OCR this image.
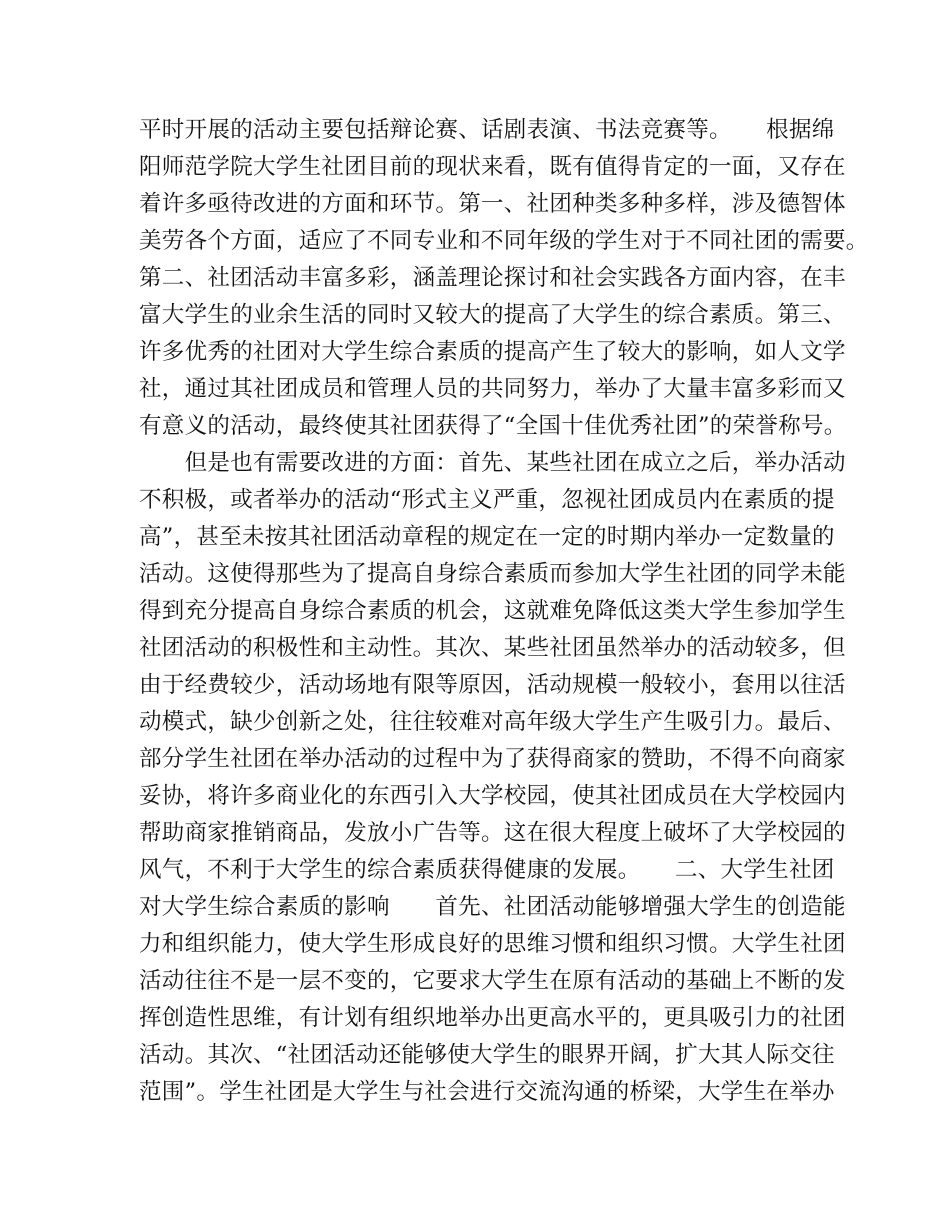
平时开展的活动主要包括辩论赛、话剧表演、书法竞赛等。　　根据绵
阳师范学院大学生社团目前的现状来看，既有值得肯定的一面，又存在
着许多亟待改进的方面和环节。第一、社团种类多种多样，涉及德智体
美劳各个方面，适应了不同专业和不同年级的学生对于不同社团的需要。
第二、社团活动丰富多彩，涵盖理论探讨和社会实践各方面内容，在丰
富大学生的业余生活的同时又较大的提高了大学生的综合素质。第三、
许多优秀的社团对大学生综合素质的提高产生了较大的影响，如人文学
社，通过其社团成员和管理人员的共同努力，举办了大量丰富多彩而又
有意义的活动，最终使其社团获得了“全国十佳优秀社团”的荣誉称号。
　　但是也有需要改进的方面：首先、某些社团在成立之后，举办活动
不积极，或者举办的活动“形式主义严重，忽视社团成员内在素质的提
高”，甚至未按其社团活动章程的规定在一定的时期内举办一定数量的
活动。这使得那些为了提高自身综合素质而参加大学生社团的同学未能
得到充分提高自身综合素质的机会，这就难免降低这类大学生参加学生
社团活动的积极性和主动性。其次、某些社团虽然举办的活动较多，但
由于经费较少，活动场地有限等原因，活动规模一般较小，套用以往活
动模式，缺少创新之处，往往较难对高年级大学生产生吸引力。最后、
部分学生社团在举办活动的过程中为了获得商家的赞助，不得不向商家
妥协，将许多商业化的东西引入大学校园，使其社团成员在大学校园内
帮助商家推销商品，发放小广告等。这在很大程度上破坏了大学校园的
风气，不利于大学生的综合素质获得健康的发展。　　二、大学生社团
对大学生综合素质的影响　　首先、社团活动能够增强大学生的创造能
力和组织能力，使大学生形成良好的思维习惯和组织习惯。大学生社团
活动往往不是一层不变的，它要求大学生在原有活动的基础上不断的发
挥创造性思维，有计划有组织地举办出更高水平的，更具吸引力的社团
活动。其次、“社团活动还能够使大学生的眼界开阔，扩大其人际交往
范围”。学生社团是大学生与社会进行交流沟通的桥梁，大学生在举办
